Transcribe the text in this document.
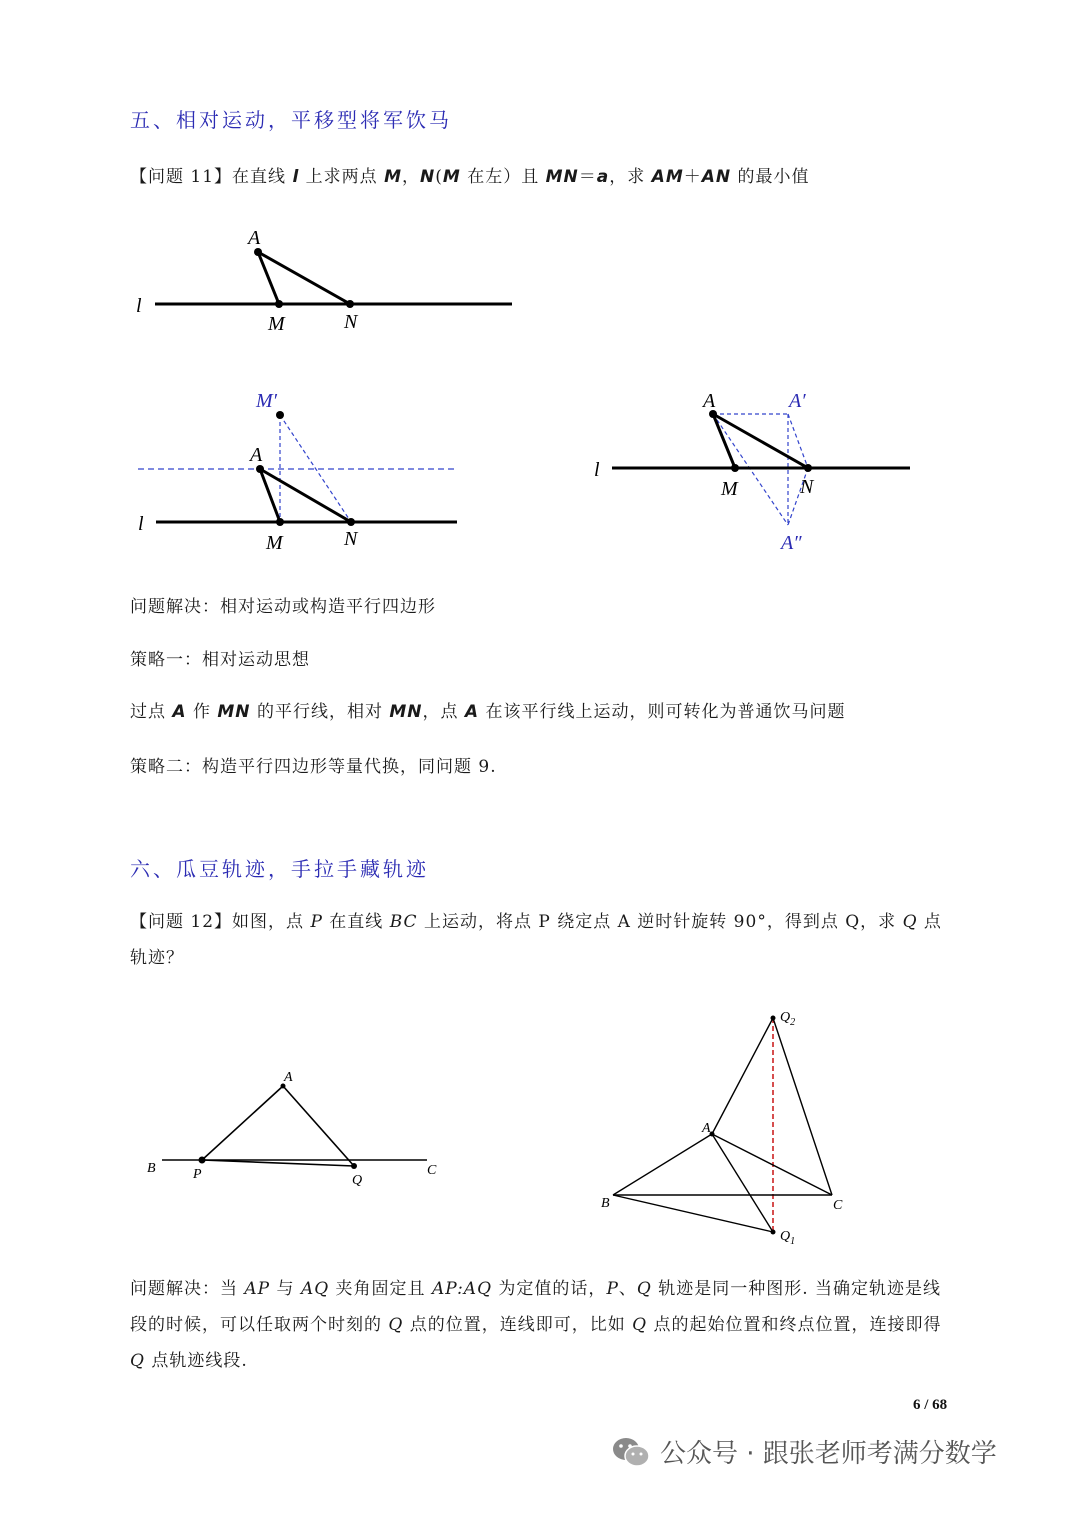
五、相对运动，平移型将军饮马
【问题 11】在直线 l 上求两点 M，N(M 在左）且 MN＝a，求 AM＋AN 的最小值
l
A
M	N
M′
A
l
M	N
A	A′
l
M	N
A″
问题解决：相对运动或构造平行四边形
策略一：相对运动思想
过点 A 作 MN 的平行线，相对 MN，点 A 在该平行线上运动，则可转化为普通饮马问题
策略二：构造平行四边形等量代换，同问题 9.
六、瓜豆轨迹，手拉手藏轨迹
【问题 12】如图，点 P 在直线 BC 上运动，将点 P 绕定点 A 逆时针旋转 90°，得到点 Q，求 Q 点轨迹？
A
B	P	Q
C
A
B	C
$Q_2$
$Q_1$
问题解决：当 AP 与 AQ 夹角固定且 AP:AQ 为定值的话，P、Q 轨迹是同一种图形. 当确定轨迹是线段的时候，可以任取两个时刻的 Q 点的位置，连线即可，比如 Q 点的起始位置和终点位置，连接即得 Q 点轨迹线段.
6 / 68
公众号 · 跟张老师考满分数学
